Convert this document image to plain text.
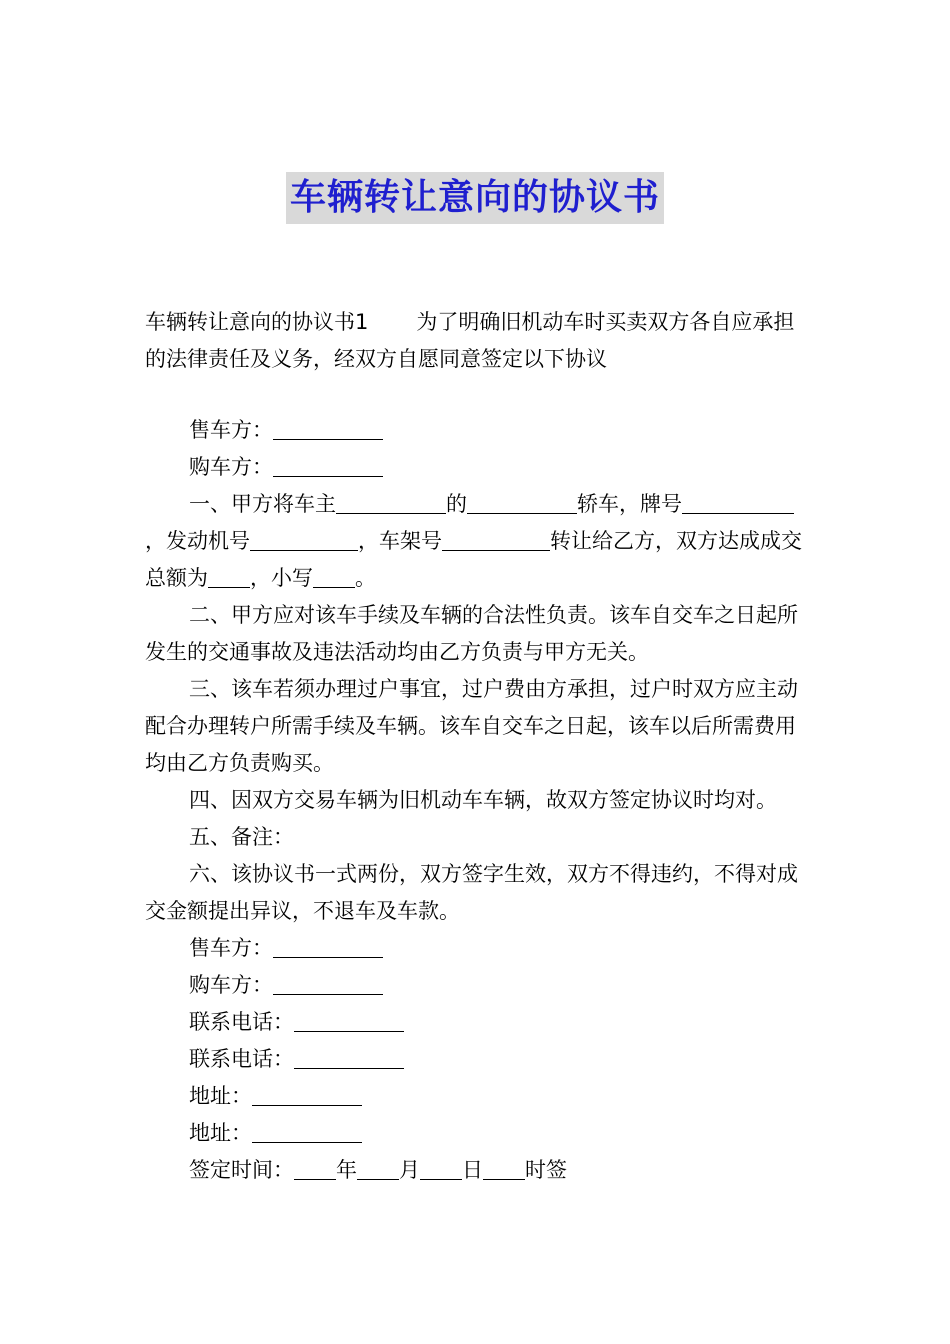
车辆转让意向的协议书

车辆转让意向的协议书1 为了明确旧机动车时买卖双方各自应承担的法律责任及义务，经双方自愿同意签定以下协议

售车方：

购车方：

一、甲方将车主	的	轿车，牌号，发动机号	，车架号	转让给乙方，双方达成成交总额为 ，小写 。

二、甲方应对该车手续及车辆的合法性负责。该车自交车之日起所发生的交通事故及违法活动均由乙方负责与甲方无关。

三、该车若须办理过户事宜，过户费由方承担，过户时双方应主动配合办理转户所需手续及车辆。该车自交车之日起，该车以后所需费用均由乙方负责购买。

四、因双方交易车辆为旧机动车车辆，故双方签定协议时均对。

五、备注：

六、该协议书一式两份，双方签字生效，双方不得违约，不得对成交金额提出异议，不退车及车款。

售车方：

购车方：

联系电话：

联系电话：

地址：

地址：

签定时间： 年 月 日 时签
